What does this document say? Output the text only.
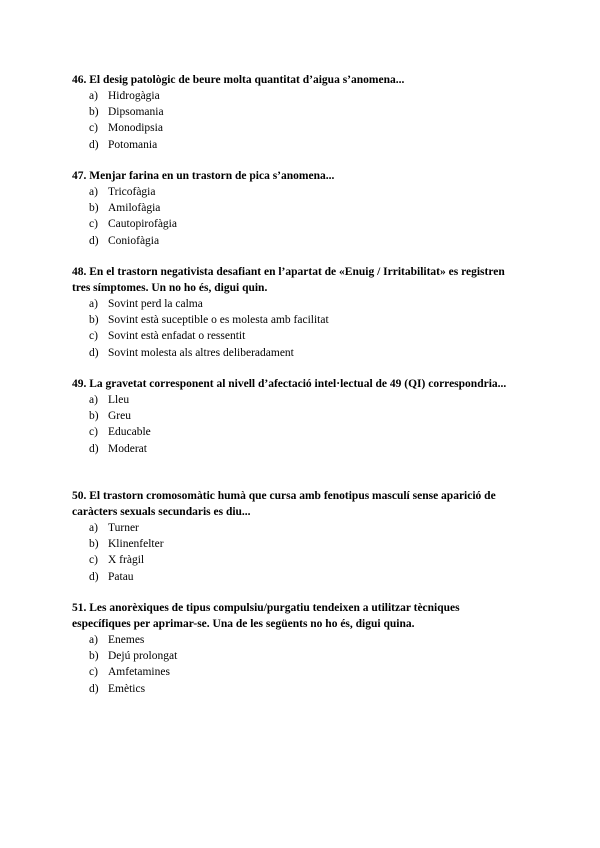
46. El desig patològic de beure molta quantitat d’aigua s’anomena...

a) Hidrogàgia
b) Dipsomania
c) Monodipsia
d) Potomania

47. Menjar farina en un trastorn de pica s’anomena...

a) Tricofàgia
b) Amilofàgia
c) Cautopirofàgia
d) Coniofàgia

48. En el trastorn negativista desafiant en l’apartat de «Enuig / Irritabilitat» es registren tres símptomes. Un no ho és, digui quin.

a) Sovint perd la calma
b) Sovint està suceptible o es molesta amb facilitat
c) Sovint està enfadat o ressentit
d) Sovint molesta als altres deliberadament

49. La gravetat corresponent al nivell d’afectació intel·lectual de 49 (QI) correspondria...

a) Lleu
b) Greu
c) Educable
d) Moderat

50. El trastorn cromosomàtic humà que cursa amb fenotipus masculí sense aparició de caràcters sexuals secundaris es diu...

a) Turner
b) Klinenfelter
c) X fràgil
d) Patau

51. Les anorèxiques de tipus compulsiu/purgatiu tendeixen a utilitzar tècniques específiques per aprimar-se. Una de les següents no ho és, digui quina.

a) Enemes
b) Dejú prolongat
c) Amfetamines
d) Emètics
